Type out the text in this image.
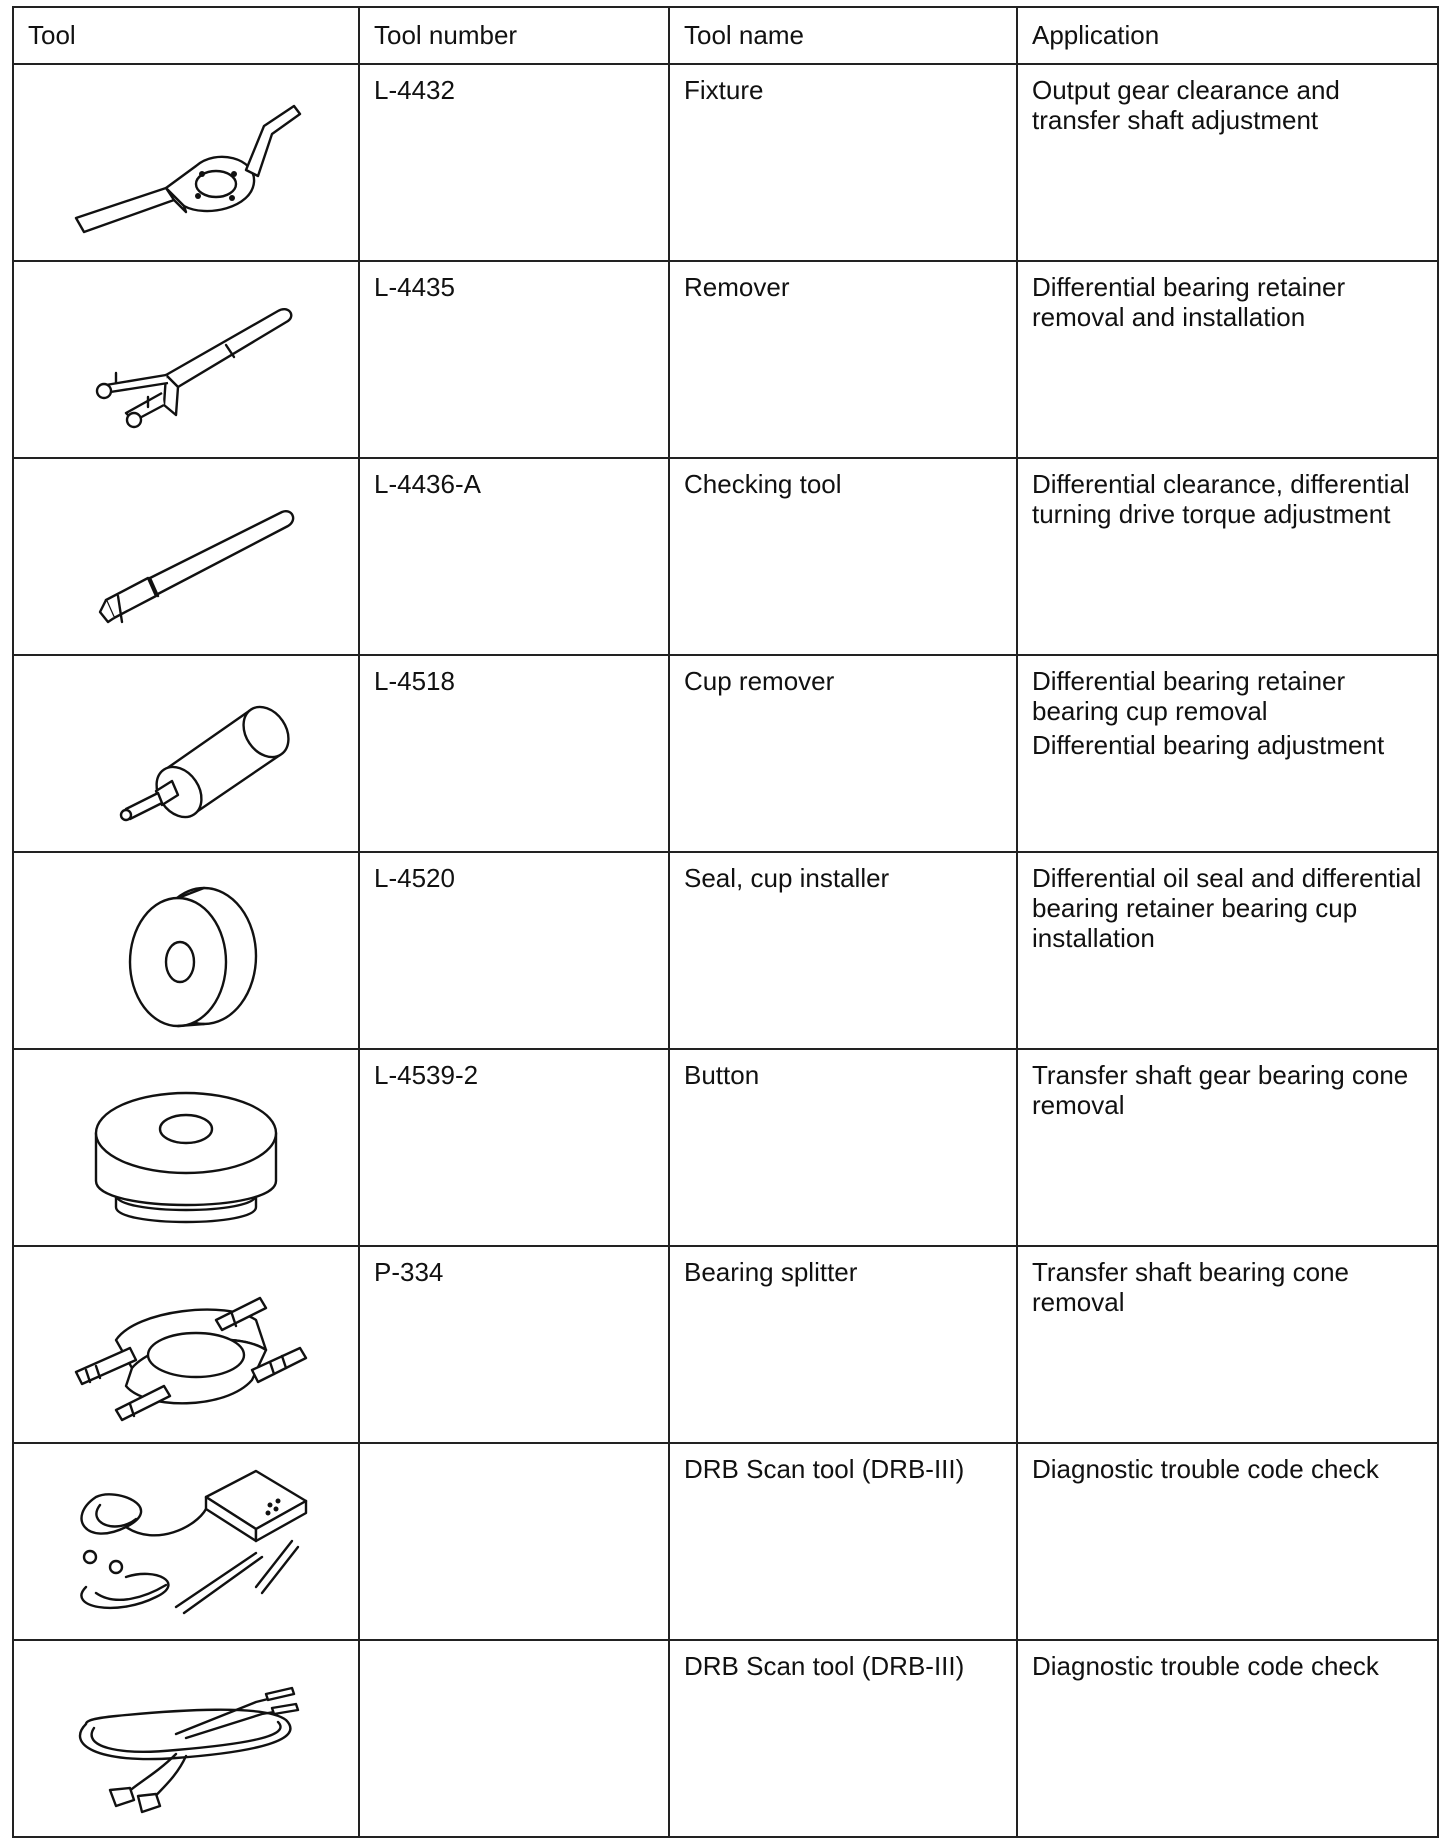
Tool	Tool number	Tool name	Application

	L-4432	Fixture	Output gear clearance and transfer shaft adjustment

	L-4435	Remover	Differential bearing retainer removal and installation

	L-4436-A	Checking tool	Differential clearance, differential turning drive torque adjustment

	L-4518	Cup remover	Differential bearing retainer bearing cup removal
Differential bearing adjustment

	L-4520	Seal, cup installer	Differential oil seal and differential bearing retainer bearing cup installation

	L-4539-2	Button	Transfer shaft gear bearing cone removal

	P-334	Bearing splitter	Transfer shaft bearing cone removal

		DRB Scan tool (DRB-III)	Diagnostic trouble code check

		DRB Scan tool (DRB-III)	Diagnostic trouble code check
